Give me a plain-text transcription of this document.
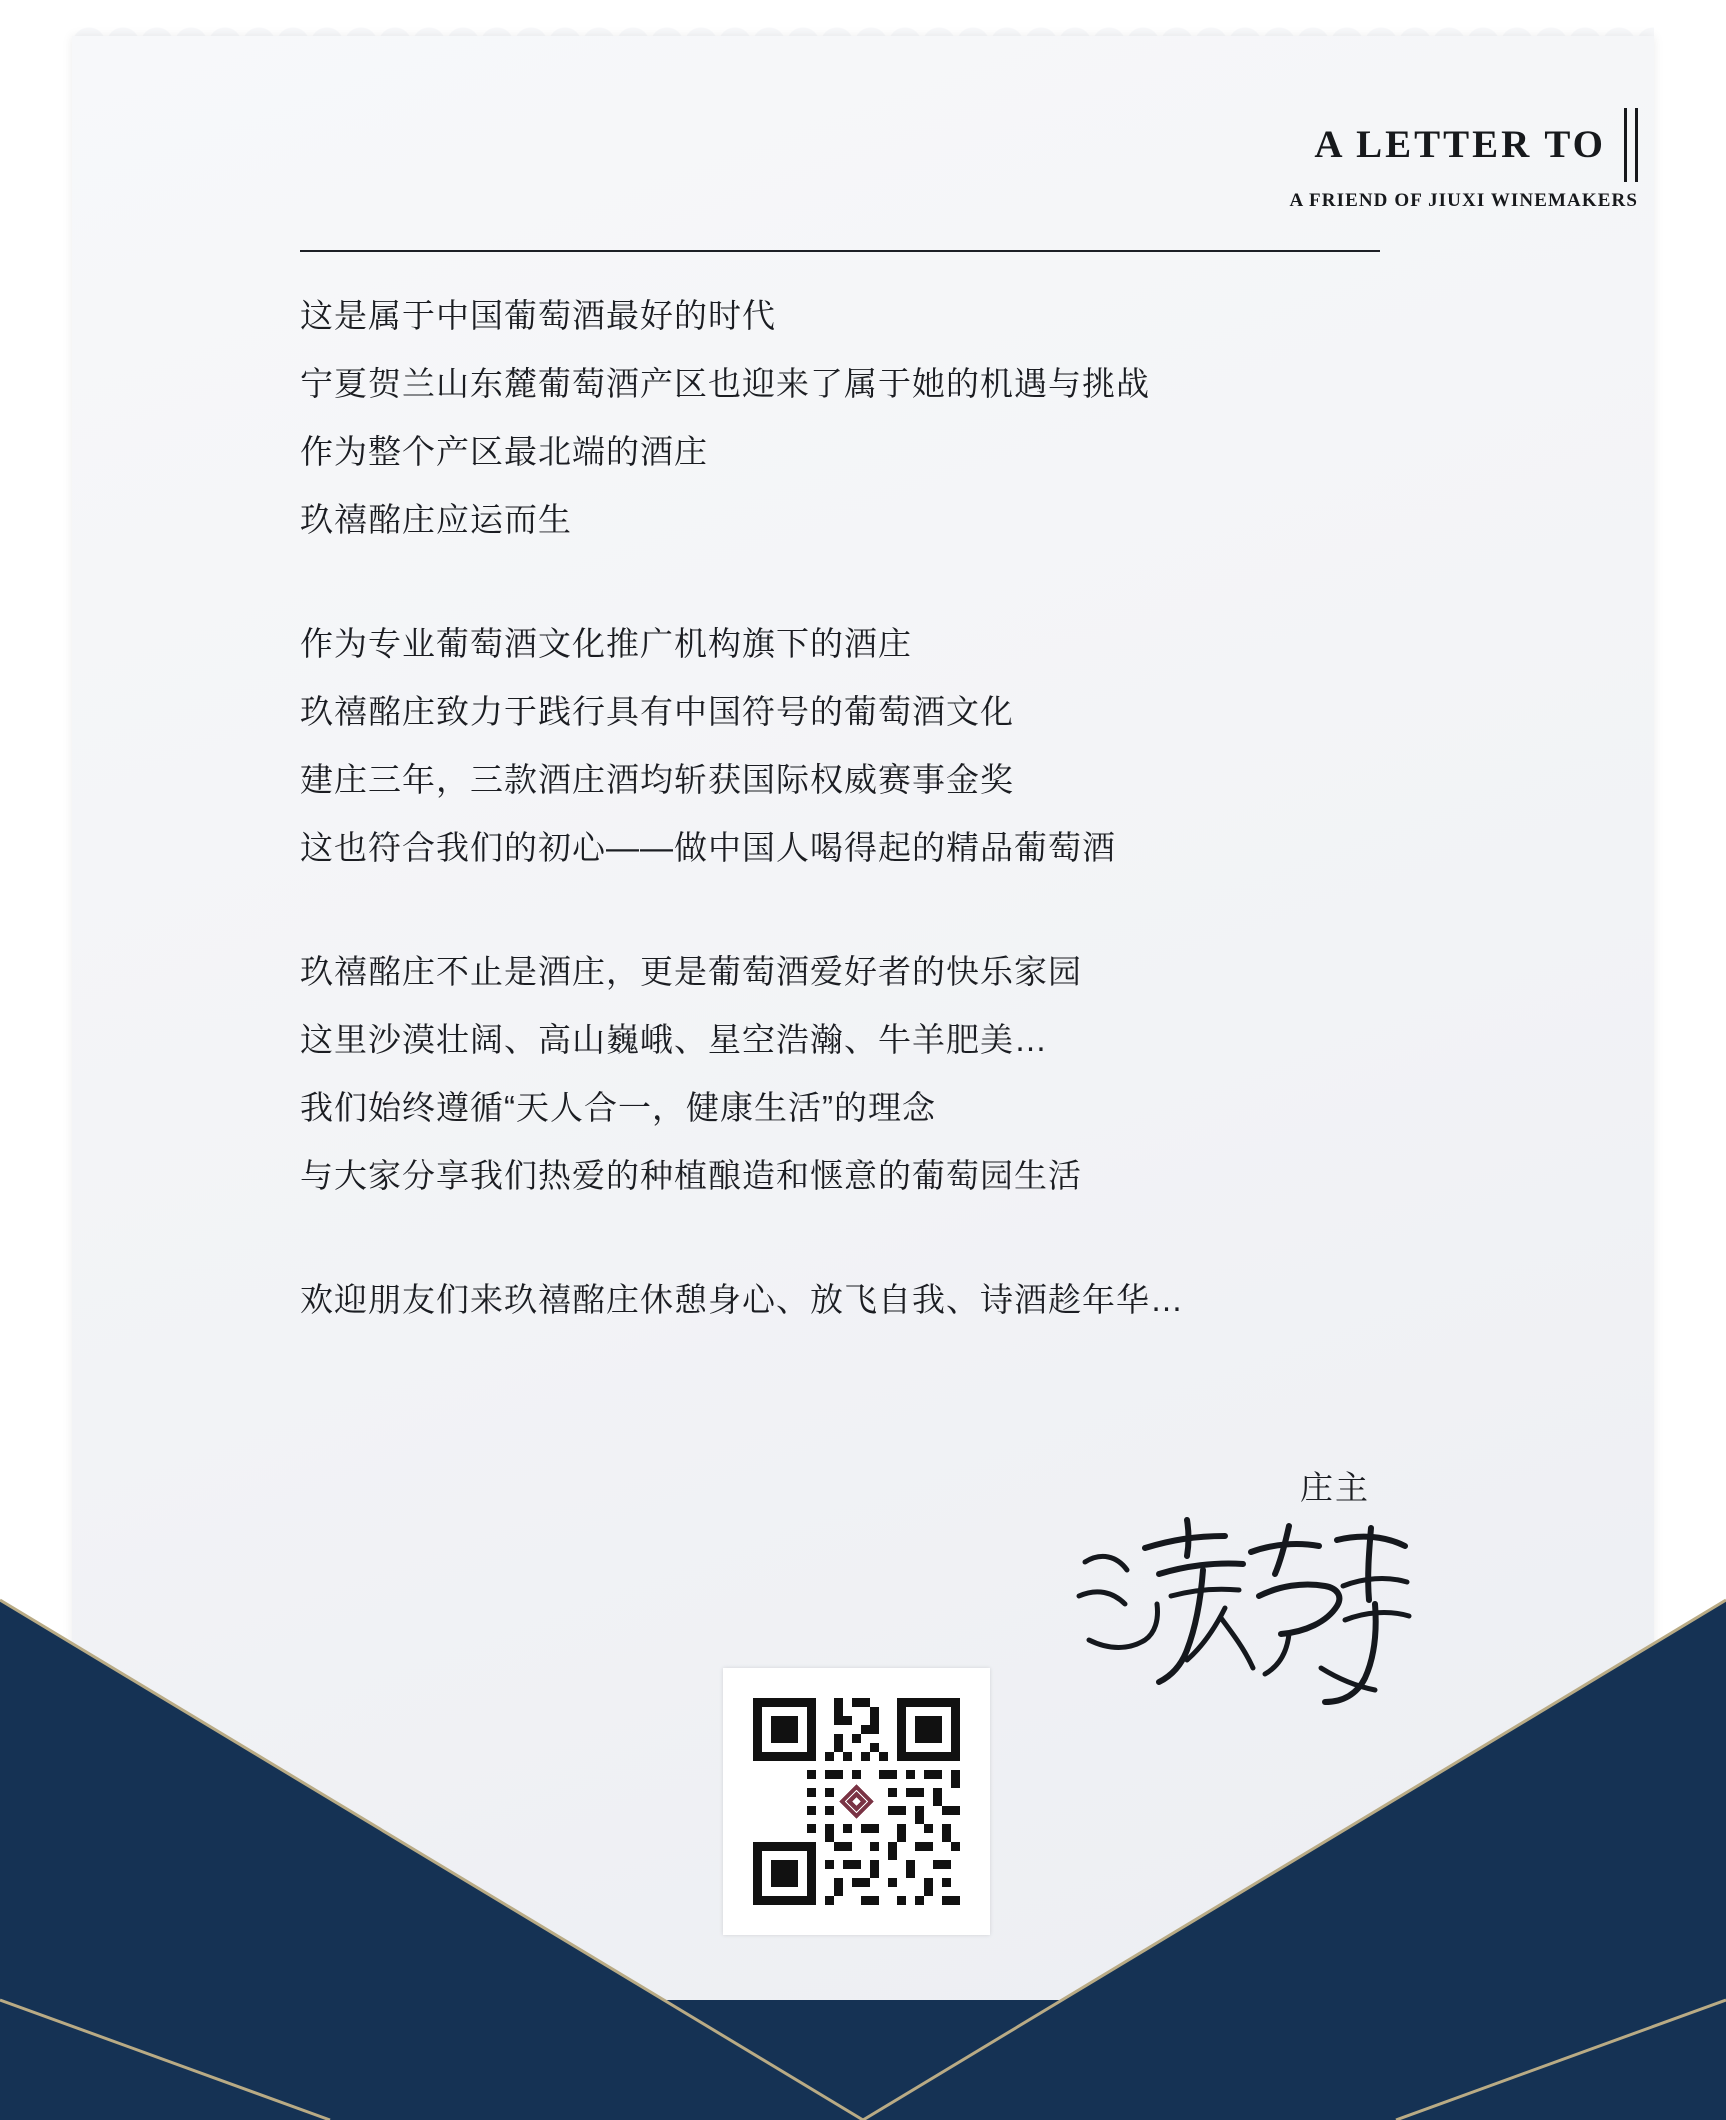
A LETTER TO
A FRIEND OF JIUXI WINEMAKERS
这是属于中国葡萄酒最好的时代
宁夏贺兰山东麓葡萄酒产区也迎来了属于她的机遇与挑战
作为整个产区最北端的酒庄
玖禧酩庄应运而生
作为专业葡萄酒文化推广机构旗下的酒庄
玖禧酩庄致力于践行具有中国符号的葡萄酒文化
建庄三年，三款酒庄酒均斩获国际权威赛事金奖
这也符合我们的初心——做中国人喝得起的精品葡萄酒
玖禧酩庄不止是酒庄，更是葡萄酒爱好者的快乐家园
这里沙漠壮阔、高山巍峨、星空浩瀚、牛羊肥美…
我们始终遵循“天人合一，健康生活”的理念
与大家分享我们热爱的种植酿造和惬意的葡萄园生活
欢迎朋友们来玖禧酩庄休憩身心、放飞自我、诗酒趁年华…
庄主
